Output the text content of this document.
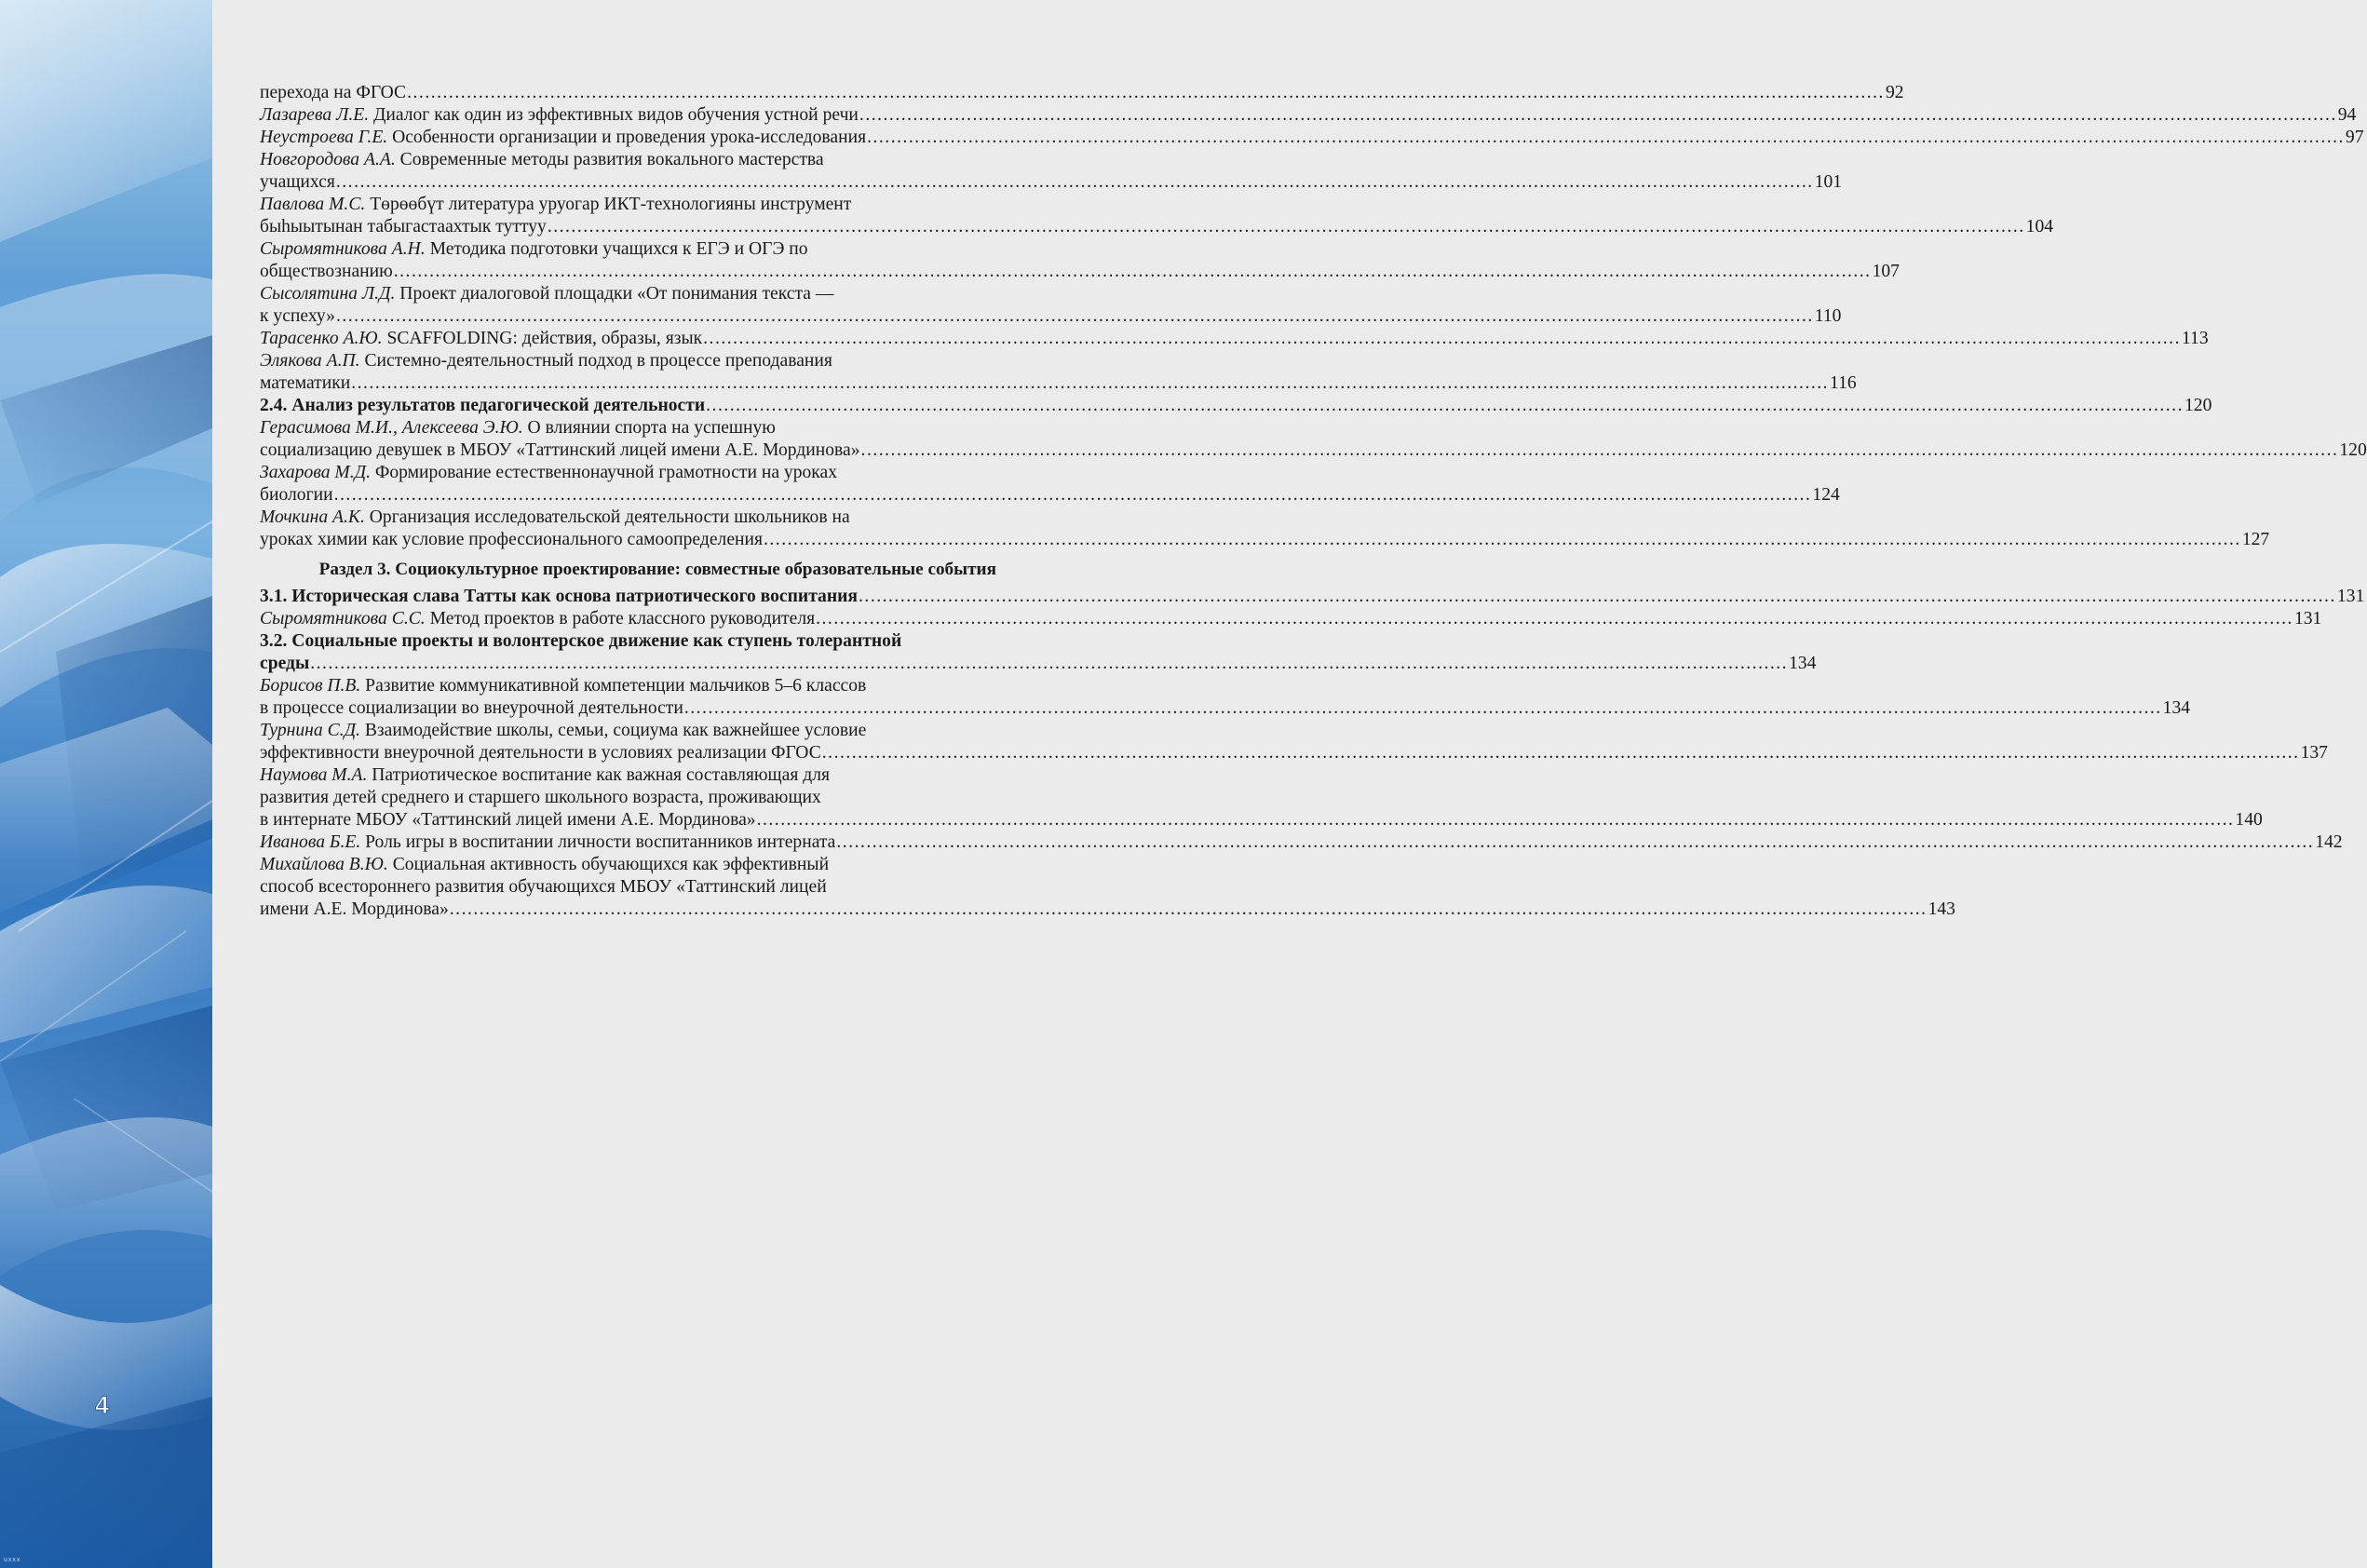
4
uxxx
перехода на ФГОС .....	92
Лазарева Л.Е. Диалог как один из эффективных видов обучения устной речи .....	94
Неустроева Г.Е. Особенности организации и проведения урока-исследования .....	97
Новгородова А.А. Современные методы развития вокального мастерства
учащихся .....	101
Павлова М.С. Төрөөбүт литература уруогар ИКТ-технологияны инструмент
быһыытынан табыгастаахтык туттуу .....	104
Сыромятникова А.Н. Методика подготовки учащихся к ЕГЭ и ОГЭ по
обществознанию .....	107
Сысолятина Л.Д. Проект диалоговой площадки «От понимания текста —
к успеху» .....	110
Тарасенко А.Ю. SCAFFOLDING: действия, образы, язык .....	113
Элякова А.П. Системно-деятельностный подход в процессе преподавания
математики .....	116
2.4. Анализ результатов педагогической деятельности .....	120
Герасимова М.И., Алексеева Э.Ю. О влиянии спорта на успешную
социализацию девушек в МБОУ «Таттинский лицей имени А.Е. Мординова» .....	120
Захарова М.Д. Формирование естественнонаучной грамотности на уроках
биологии .....	124
Мочкина А.К. Организация исследовательской деятельности школьников на
уроках химии как условие профессионального самоопределения .....	127
Раздел 3. Социокультурное проектирование: совместные образовательные события
3.1. Историческая слава Татты как основа патриотического воспитания .....	131
Сыромятникова С.С. Метод проектов в работе классного руководителя .....	131
3.2. Социальные проекты и волонтерское движение как ступень толерантной
среды .....	134
Борисов П.В. Развитие коммуникативной компетенции мальчиков 5–6 классов
в процессе социализации во внеурочной деятельности .....	134
Турнина С.Д. Взаимодействие школы, семьи, социума как важнейшее условие
эффективности внеурочной деятельности в условиях реализации ФГОС .....	137
Наумова М.А. Патриотическое воспитание как важная составляющая для
развития детей среднего и старшего школьного возраста, проживающих
в интернате МБОУ «Таттинский лицей имени А.Е. Мординова» .....	140
Иванова Б.Е. Роль игры в воспитании личности воспитанников интерната .....	142
Михайлова В.Ю. Социальная активность обучающихся как эффективный
способ всестороннего развития обучающихся МБОУ «Таттинский лицей
имени А.Е. Мординова» .....	143
